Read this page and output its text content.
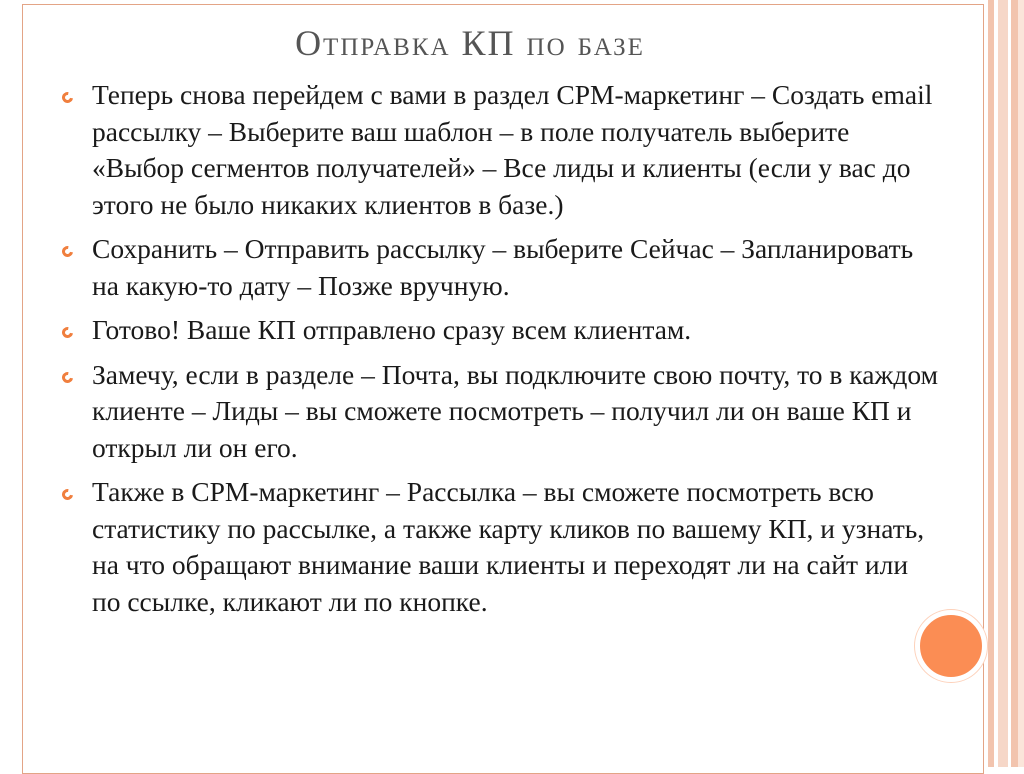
Отправка КП по базе
Теперь снова перейдем с вами в раздел CPM-маркетинг – Создать email рассылку – Выберите ваш шаблон – в поле получатель выберите «Выбор сегментов получателей» – Все лиды и клиенты (если у вас до этого не было никаких клиентов в базе.)
Сохранить – Отправить рассылку – выберите Сейчас – Запланировать на какую-то дату – Позже вручную.
Готово! Ваше КП отправлено сразу всем клиентам.
Замечу, если в разделе – Почта, вы подключите свою почту, то в каждом клиенте – Лиды – вы сможете посмотреть – получил ли он ваше КП и открыл ли он его.
Также в CPM-маркетинг – Рассылка – вы сможете посмотреть всю статистику по рассылке, а также карту кликов по вашему КП, и узнать, на что обращают внимание ваши клиенты и переходят ли на сайт или по ссылке, кликают ли по кнопке.
